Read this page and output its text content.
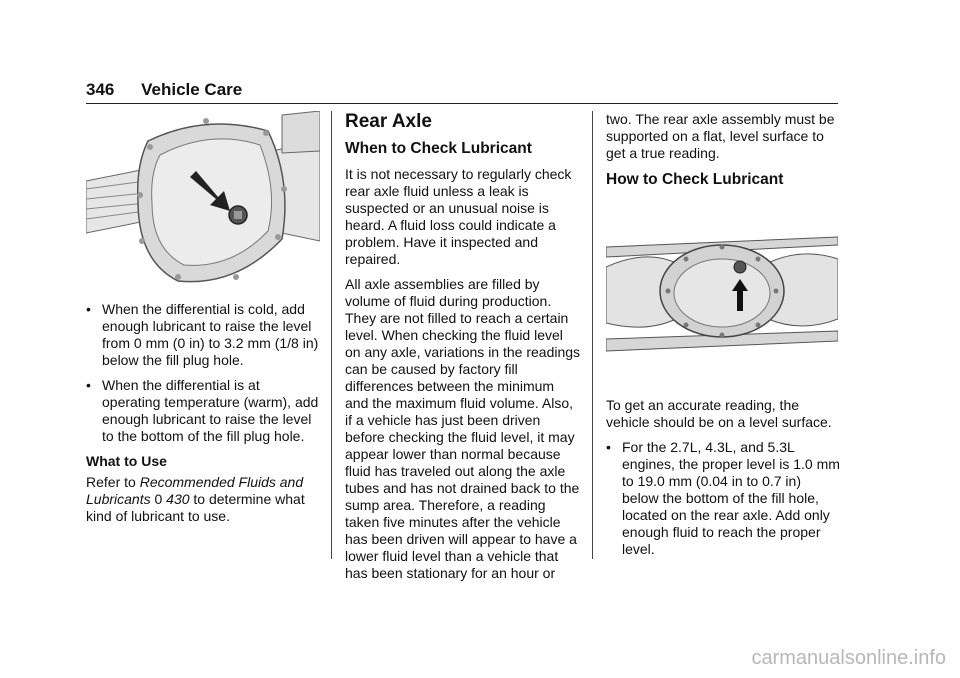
346 Vehicle Care
• When the differential is cold, add enough lubricant to raise the level from 0 mm (0 in) to 3.2 mm (1/8 in) below the fill plug hole.
• When the differential is at operating temperature (warm), add enough lubricant to raise the level to the bottom of the fill plug hole.
What to Use

Refer to Recommended Fluids and Lubricants 0 430 to determine what kind of lubricant to use.

Rear Axle
When to Check Lubricant

It is not necessary to regularly check rear axle fluid unless a leak is suspected or an unusual noise is heard. A fluid loss could indicate a problem. Have it inspected and repaired.

All axle assemblies are filled by volume of fluid during production. They are not filled to reach a certain level. When checking the fluid level on any axle, variations in the readings can be caused by factory fill differences between the minimum and the maximum fluid volume. Also, if a vehicle has just been driven before checking the fluid level, it may appear lower than normal because fluid has traveled out along the axle tubes and has not drained back to the sump area. Therefore, a reading taken five minutes after the vehicle has been driven will appear to have a lower fluid level than a vehicle that has been stationary for an hour or

two. The rear axle assembly must be supported on a flat, level surface to get a true reading.

How to Check Lubricant

To get an accurate reading, the vehicle should be on a level surface.

• For the 2.7L, 4.3L, and 5.3L engines, the proper level is 1.0 mm to 19.0 mm (0.04 in to 0.7 in) below the bottom of the fill hole, located on the rear axle. Add only enough fluid to reach the proper level.
carmanualsonline.info
